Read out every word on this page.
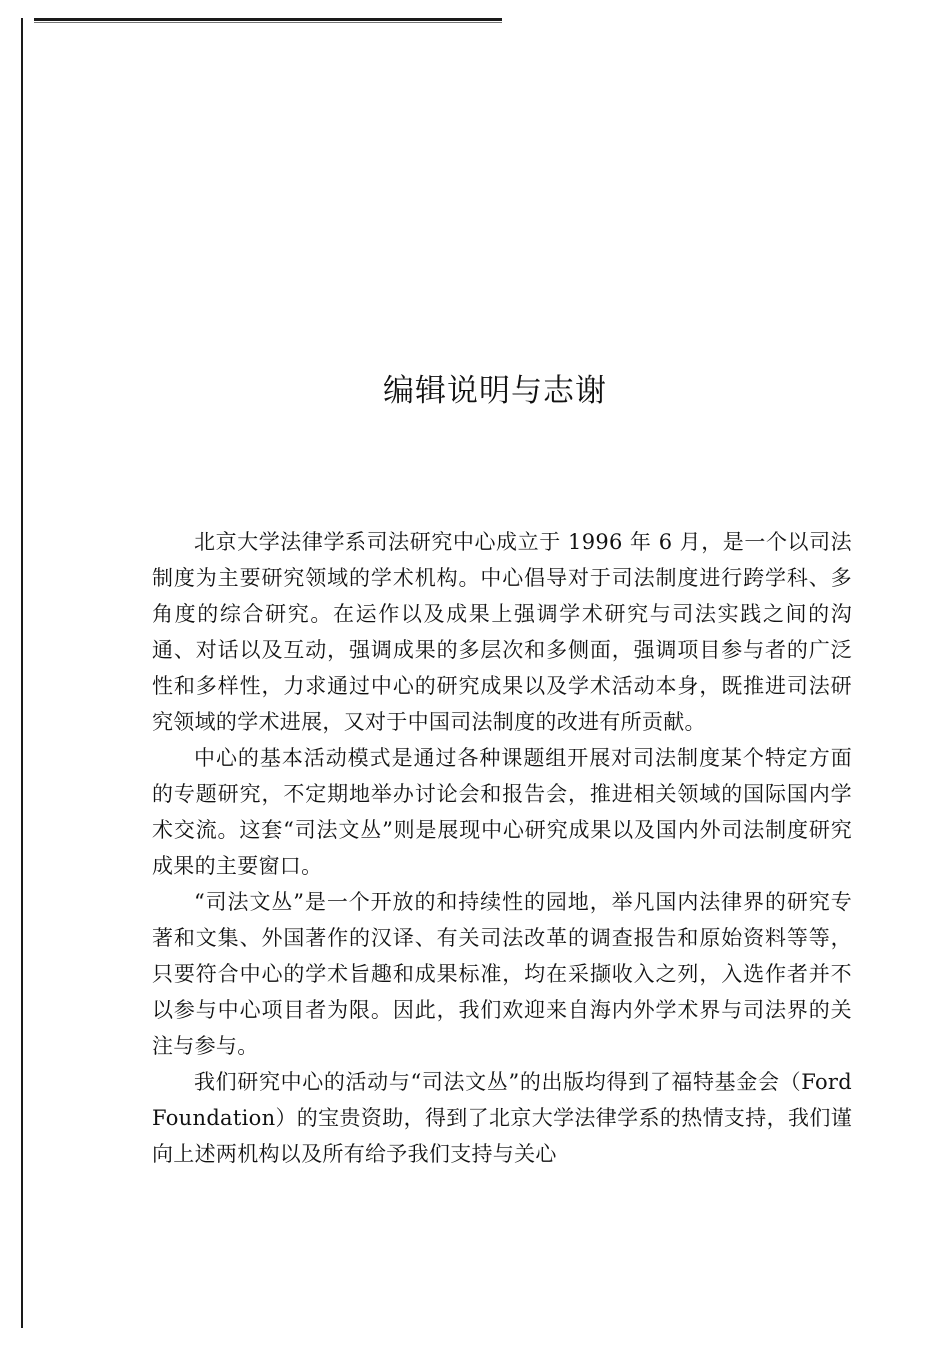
编辑说明与志谢

北京大学法律学系司法研究中心成立于 1996 年 6 月，是一个以司法制度为主要研究领域的学术机构。中心倡导对于司法制度进行跨学科、多角度的综合研究。在运作以及成果上强调学术研究与司法实践之间的沟通、对话以及互动，强调成果的多层次和多侧面，强调项目参与者的广泛性和多样性，力求通过中心的研究成果以及学术活动本身，既推进司法研究领域的学术进展，又对于中国司法制度的改进有所贡献。

中心的基本活动模式是通过各种课题组开展对司法制度某个特定方面的专题研究，不定期地举办讨论会和报告会，推进相关领域的国际国内学术交流。这套“司法文丛”则是展现中心研究成果以及国内外司法制度研究成果的主要窗口。

“司法文丛”是一个开放的和持续性的园地，举凡国内法律界的研究专著和文集、外国著作的汉译、有关司法改革的调查报告和原始资料等等，只要符合中心的学术旨趣和成果标准，均在采撷收入之列，入选作者并不以参与中心项目者为限。因此，我们欢迎来自海内外学术界与司法界的关注与参与。

我们研究中心的活动与“司法文丛”的出版均得到了福特基金会（Ford Foundation）的宝贵资助，得到了北京大学法律学系的热情支持，我们谨向上述两机构以及所有给予我们支持与关心
